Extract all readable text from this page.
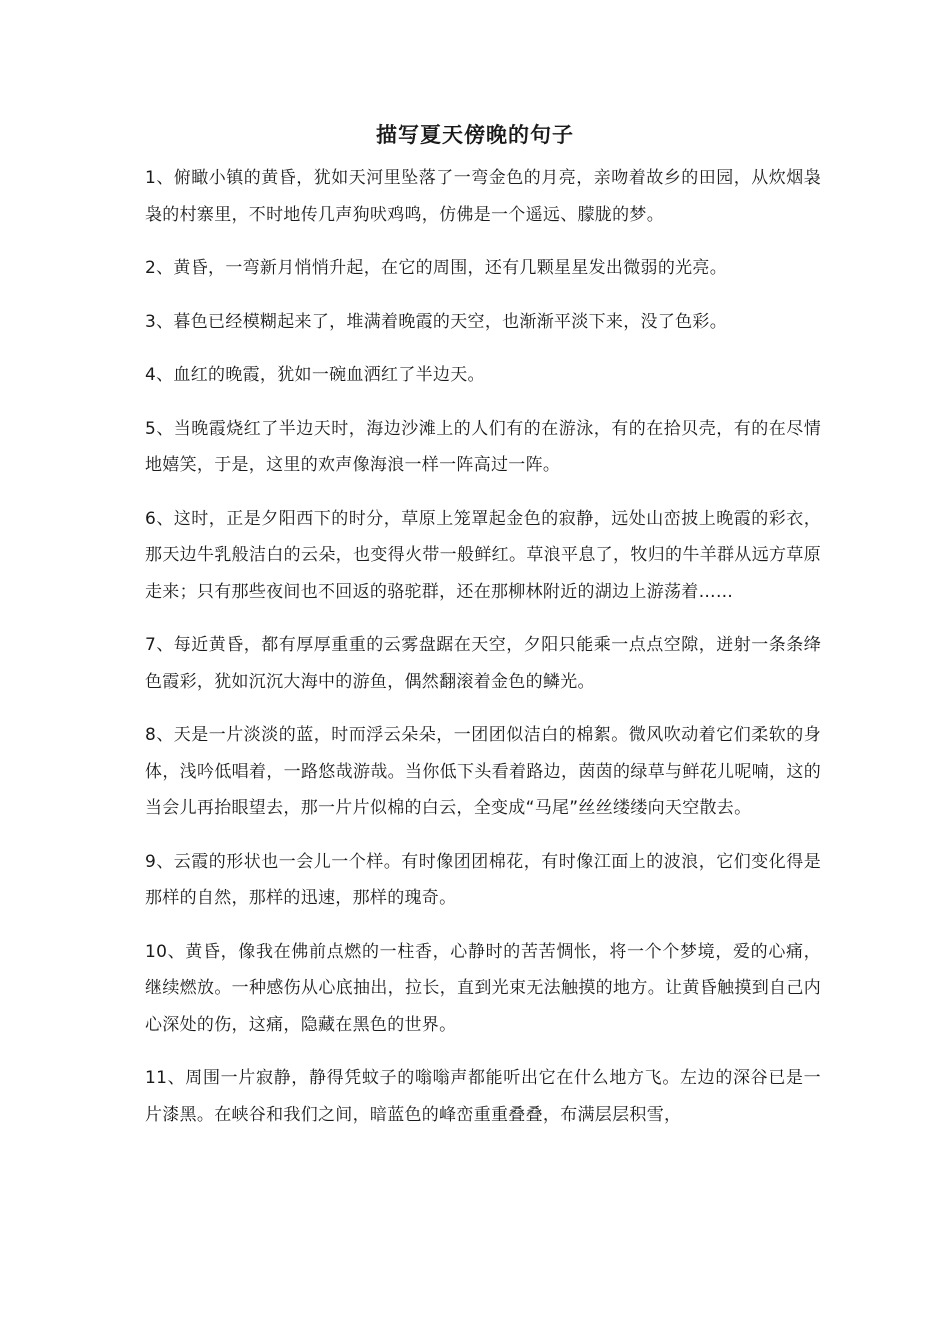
描写夏天傍晚的句子

1、俯瞰小镇的黄昏，犹如天河里坠落了一弯金色的月亮，亲吻着故乡的田园，从炊烟袅袅的村寨里，不时地传几声狗吠鸡鸣，仿佛是一个遥远、朦胧的梦。

2、黄昏，一弯新月悄悄升起，在它的周围，还有几颗星星发出微弱的光亮。

3、暮色已经模糊起来了，堆满着晚霞的天空，也渐渐平淡下来，没了色彩。

4、血红的晚霞，犹如一碗血洒红了半边天。

5、当晚霞烧红了半边天时，海边沙滩上的人们有的在游泳，有的在拾贝壳，有的在尽情地嬉笑，于是，这里的欢声像海浪一样一阵高过一阵。

6、这时，正是夕阳西下的时分，草原上笼罩起金色的寂静，远处山峦披上晚霞的彩衣，那天边牛乳般洁白的云朵，也变得火带一般鲜红。草浪平息了，牧归的牛羊群从远方草原走来；只有那些夜间也不回返的骆驼群，还在那柳林附近的湖边上游荡着……

7、每近黄昏，都有厚厚重重的云雾盘踞在天空，夕阳只能乘一点点空隙，迸射一条条绛色霞彩，犹如沉沉大海中的游鱼，偶然翻滚着金色的鳞光。

8、天是一片淡淡的蓝，时而浮云朵朵，一团团似洁白的棉絮。微风吹动着它们柔软的身体，浅吟低唱着，一路悠哉游哉。当你低下头看着路边，茵茵的绿草与鲜花儿呢喃，这的当会儿再抬眼望去，那一片片似棉的白云，全变成“马尾”丝丝缕缕向天空散去。

9、云霞的形状也一会儿一个样。有时像团团棉花，有时像江面上的波浪，它们变化得是那样的自然，那样的迅速，那样的瑰奇。

10、黄昏，像我在佛前点燃的一柱香，心静时的苦苦惆怅，将一个个梦境，爱的心痛，继续燃放。一种感伤从心底抽出，拉长，直到光束无法触摸的地方。让黄昏触摸到自己内心深处的伤，这痛，隐藏在黑色的世界。

11、周围一片寂静，静得凭蚊子的嗡嗡声都能听出它在什么地方飞。左边的深谷已是一片漆黑。在峡谷和我们之间，暗蓝色的峰峦重重叠叠，布满层层积雪，
